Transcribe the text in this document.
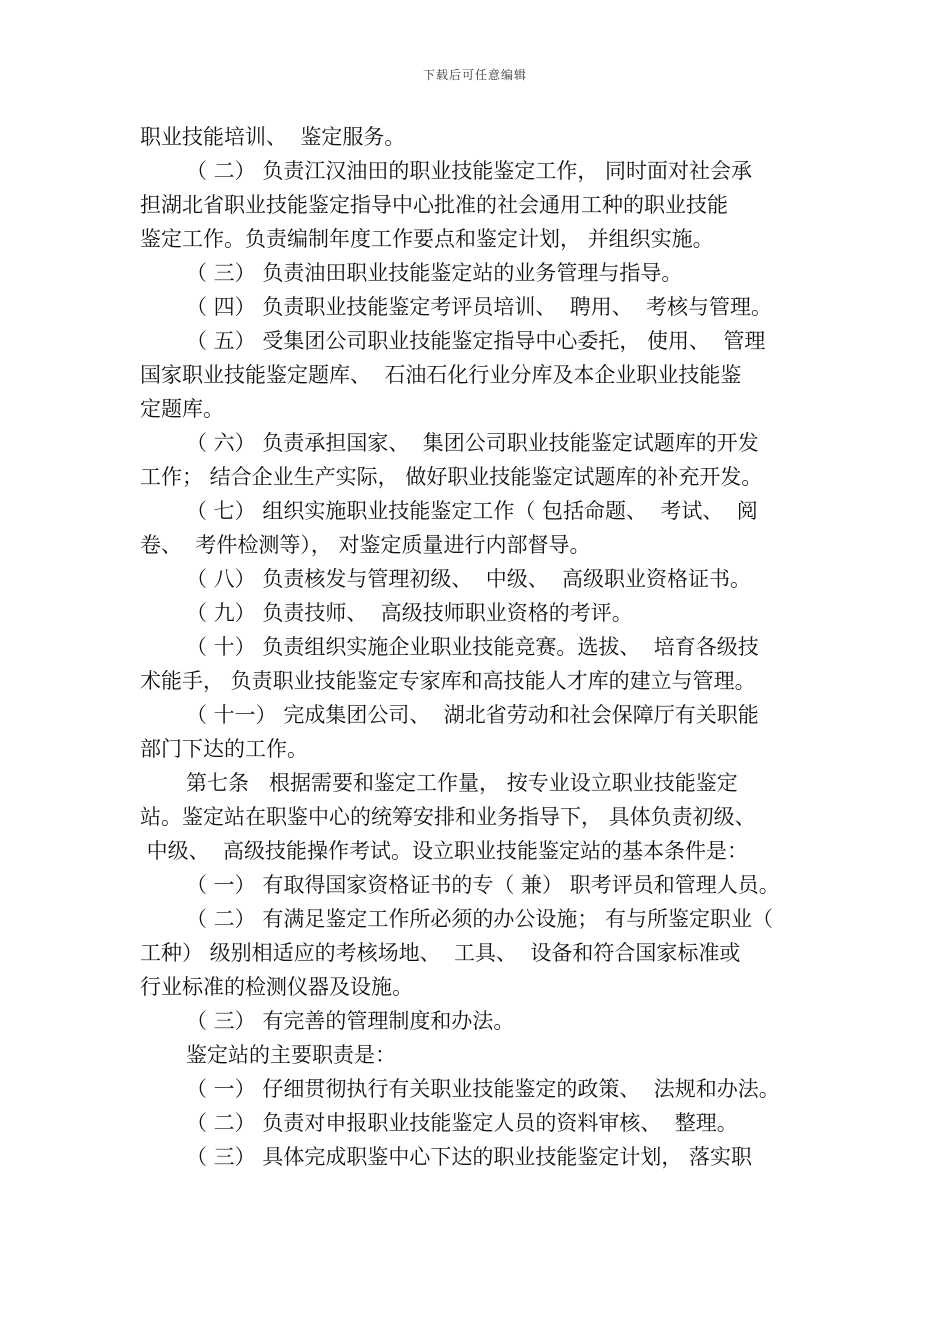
下载后可任意编辑
职业技能培训、  鉴定服务。
（ 二） 负责江汉油田的职业技能鉴定工作， 同时面对社会承
担湖北省职业技能鉴定指导中心批准的社会通用工种的职业技能
鉴定工作。负责编制年度工作要点和鉴定计划， 并组织实施。
（ 三） 负责油田职业技能鉴定站的业务管理与指导。
（ 四） 负责职业技能鉴定考评员培训、  聘用、  考核与管理。
（ 五） 受集团公司职业技能鉴定指导中心委托， 使用、  管理
国家职业技能鉴定题库、  石油石化行业分库及本企业职业技能鉴
定题库。
（ 六） 负责承担国家、  集团公司职业技能鉴定试题库的开发
工作； 结合企业生产实际， 做好职业技能鉴定试题库的补充开发。
（ 七） 组织实施职业技能鉴定工作（ 包括命题、  考试、  阅
卷、  考件检测等）， 对鉴定质量进行内部督导。
（ 八） 负责核发与管理初级、  中级、  高级职业资格证书。
（ 九） 负责技师、  高级技师职业资格的考评。
（ 十） 负责组织实施企业职业技能竞赛。选拔、  培育各级技
术能手， 负责职业技能鉴定专家库和高技能人才库的建立与管理。
（ 十一） 完成集团公司、  湖北省劳动和社会保障厅有关职能
部门下达的工作。
第七条   根据需要和鉴定工作量， 按专业设立职业技能鉴定
站。鉴定站在职鉴中心的统筹安排和业务指导下， 具体负责初级、
中级、  高级技能操作考试。设立职业技能鉴定站的基本条件是：
（ 一） 有取得国家资格证书的专（ 兼） 职考评员和管理人员。
（ 二） 有满足鉴定工作所必须的办公设施； 有与所鉴定职业（
工种） 级别相适应的考核场地、  工具、  设备和符合国家标准或
行业标准的检测仪器及设施。
（ 三） 有完善的管理制度和办法。
鉴定站的主要职责是：
（ 一） 仔细贯彻执行有关职业技能鉴定的政策、  法规和办法。
（ 二） 负责对申报职业技能鉴定人员的资料审核、  整理。
（ 三） 具体完成职鉴中心下达的职业技能鉴定计划， 落实职
